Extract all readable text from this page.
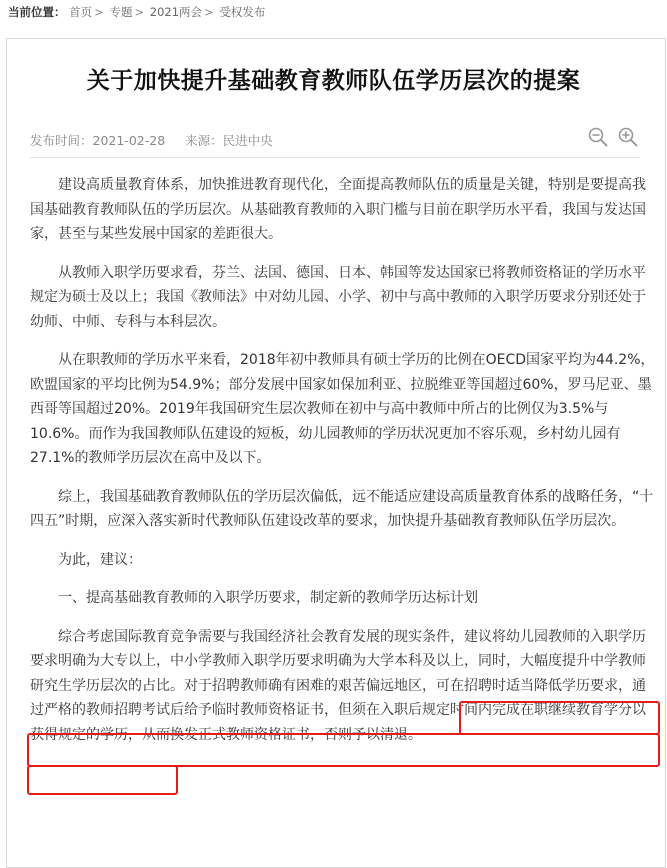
当前位置： 首页 > 专题 > 2021两会 > 受权发布
关于加快提升基础教育教师队伍学历层次的提案
发布时间：2021-02-28 来源：民进中央

建设高质量教育体系，加快推进教育现代化，全面提高教师队伍的质量是关键，特别是要提高我国基础教育教师队伍的学历层次。从基础教育教师的入职门槛与目前在职学历水平看，我国与发达国家，甚至与某些发展中国家的差距很大。

从教师入职学历要求看，芬兰、法国、德国、日本、韩国等发达国家已将教师资格证的学历水平规定为硕士及以上；我国《教师法》中对幼儿园、小学、初中与高中教师的入职学历要求分别还处于幼师、中师、专科与本科层次。

从在职教师的学历水平来看，2018年初中教师具有硕士学历的比例在OECD国家平均为44.2%，欧盟国家的平均比例为54.9%；部分发展中国家如保加利亚、拉脱维亚等国超过60%，罗马尼亚、墨西哥等国超过20%。2019年我国研究生层次教师在初中与高中教师中所占的比例仅为3.5%与10.6%。而作为我国教师队伍建设的短板，幼儿园教师的学历状况更加不容乐观，乡村幼儿园有27.1%的教师学历层次在高中及以下。

综上，我国基础教育教师队伍的学历层次偏低，远不能适应建设高质量教育体系的战略任务，“十四五”时期，应深入落实新时代教师队伍建设改革的要求，加快提升基础教育教师队伍学历层次。

为此，建议：

一、提高基础教育教师的入职学历要求，制定新的教师学历达标计划

综合考虑国际教育竞争需要与我国经济社会教育发展的现实条件，建议将幼儿园教师的入职学历要求明确为大专以上，中小学教师入职学历要求明确为大学本科及以上，同时，大幅度提升中学教师研究生学历层次的占比。对于招聘教师确有困难的艰苦偏远地区，可在招聘时适当降低学历要求，通过严格的教师招聘考试后给予临时教师资格证书，但须在入职后规定时间内完成在职继续教育学分以获得规定的学历，从而换发正式教师资格证书，否则予以清退。
